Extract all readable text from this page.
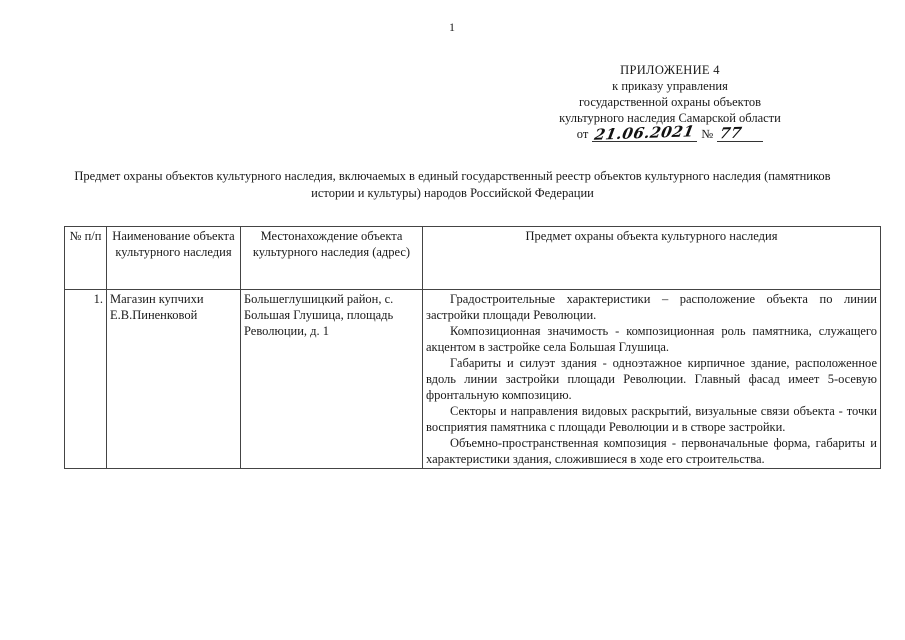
1
ПРИЛОЖЕНИЕ 4
к приказу управления
государственной охраны объектов
культурного наследия Самарской области
от 21.06.2021 № 77
Предмет охраны объектов культурного наследия, включаемых в единый государственный реестр объектов культурного наследия (памятников истории и культуры) народов Российской Федерации
№ п/п	Наименование объекта культурного наследия	Местонахождение объекта культурного наследия (адрес)	Предмет охраны объекта культурного наследия
1.	Магазин купчихи Е.В.Пиненковой	Большеглушицкий район, с. Большая Глушица, площадь Революции, д. 1	Градостроительные характеристики – расположение объекта по линии застройки площади Революции.

Композиционная значимость - композиционная роль памятника, служащего акцентом в застройке села Большая Глушица.

Габариты и силуэт здания - одноэтажное кирпичное здание, расположенное вдоль линии застройки площади Революции. Главный фасад имеет 5-осевую фронтальную композицию.

Секторы и направления видовых раскрытий, визуальные связи объекта - точки восприятия памятника с площади Революции и в створе застройки.

Объемно-пространственная композиция - первоначальные форма, габариты и характеристики здания, сложившиеся в ходе его строительства.
